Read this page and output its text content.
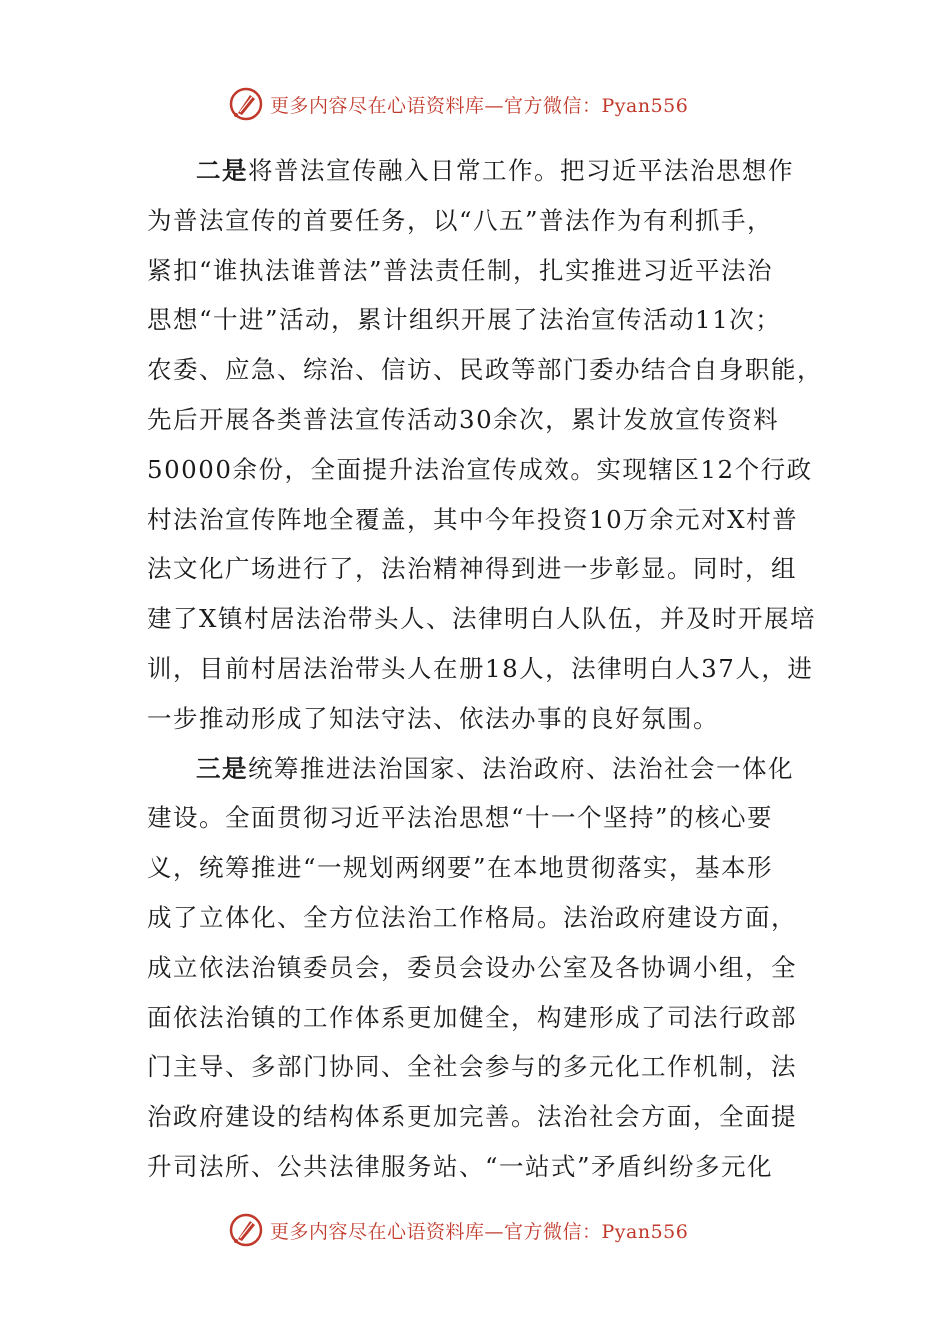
更多内容尽在心语资料库—官方微信：Pyan556
二是将普法宣传融入日常工作。把习近平法治思想作
为普法宣传的首要任务，以“八五”普法作为有利抓手，
紧扣“谁执法谁普法”普法责任制，扎实推进习近平法治
思想“十进”活动，累计组织开展了法治宣传活动11次；
农委、应急、综治、信访、民政等部门委办结合自身职能，
先后开展各类普法宣传活动30余次，累计发放宣传资料
50000余份，全面提升法治宣传成效。实现辖区12个行政
村法治宣传阵地全覆盖，其中今年投资10万余元对X村普
法文化广场进行了，法治精神得到进一步彰显。同时，组
建了X镇村居法治带头人、法律明白人队伍，并及时开展培
训，目前村居法治带头人在册18人，法律明白人37人，进
一步推动形成了知法守法、依法办事的良好氛围。
三是统筹推进法治国家、法治政府、法治社会一体化
建设。全面贯彻习近平法治思想“十一个坚持”的核心要
义，统筹推进“一规划两纲要”在本地贯彻落实，基本形
成了立体化、全方位法治工作格局。法治政府建设方面，
成立依法治镇委员会，委员会设办公室及各协调小组，全
面依法治镇的工作体系更加健全，构建形成了司法行政部
门主导、多部门协同、全社会参与的多元化工作机制，法
治政府建设的结构体系更加完善。法治社会方面，全面提
升司法所、公共法律服务站、“一站式”矛盾纠纷多元化
更多内容尽在心语资料库—官方微信：Pyan556
